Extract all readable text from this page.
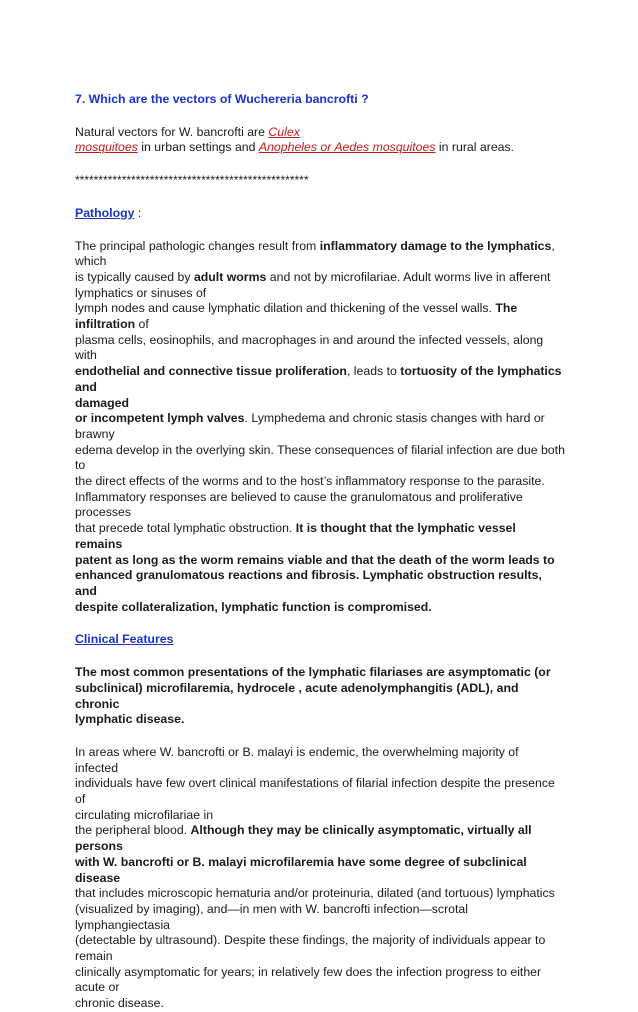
7. Which are the vectors of Wuchereria bancrofti ?

Natural vectors for W. bancrofti are Culex

mosquitoes in urban settings and Anopheles or Aedes mosquitoes in rural areas.

**************************************************

Pathology :

The principal pathologic changes result from inflammatory damage to the lymphatics, which

is typically caused by adult worms and not by microfilariae. Adult worms live in afferent

lymphatics or sinuses of

lymph nodes and cause lymphatic dilation and thickening of the vessel walls. The infiltration of

plasma cells, eosinophils, and macrophages in and around the infected vessels, along with

endothelial and connective tissue proliferation, leads to tortuosity of the lymphatics and

damaged

or incompetent lymph valves. Lymphedema and chronic stasis changes with hard or brawny

edema develop in the overlying skin. These consequences of filarial infection are due both to

the direct effects of the worms and to the host’s inflammatory response to the parasite.

Inflammatory responses are believed to cause the granulomatous and proliferative processes

that precede total lymphatic obstruction. It is thought that the lymphatic vessel remains

patent as long as the worm remains viable and that the death of the worm leads to

enhanced granulomatous reactions and fibrosis. Lymphatic obstruction results, and

despite collateralization, lymphatic function is compromised.

Clinical Features

The most common presentations of the lymphatic filariases are asymptomatic (or

subclinical) microfilaremia, hydrocele , acute adenolymphangitis (ADL), and chronic

lymphatic disease.

In areas where W. bancrofti or B. malayi is endemic, the overwhelming majority of infected

individuals have few overt clinical manifestations of filarial infection despite the presence of

circulating microfilariae in

the peripheral blood. Although they may be clinically asymptomatic, virtually all persons

with W. bancrofti or B. malayi microfilaremia have some degree of subclinical disease

that includes microscopic hematuria and/or proteinuria, dilated (and tortuous) lymphatics

(visualized by imaging), and—in men with W. bancrofti infection—scrotal lymphangiectasia

(detectable by ultrasound). Despite these findings, the majority of individuals appear to remain

clinically asymptomatic for years; in relatively few does the infection progress to either acute or

chronic disease.
